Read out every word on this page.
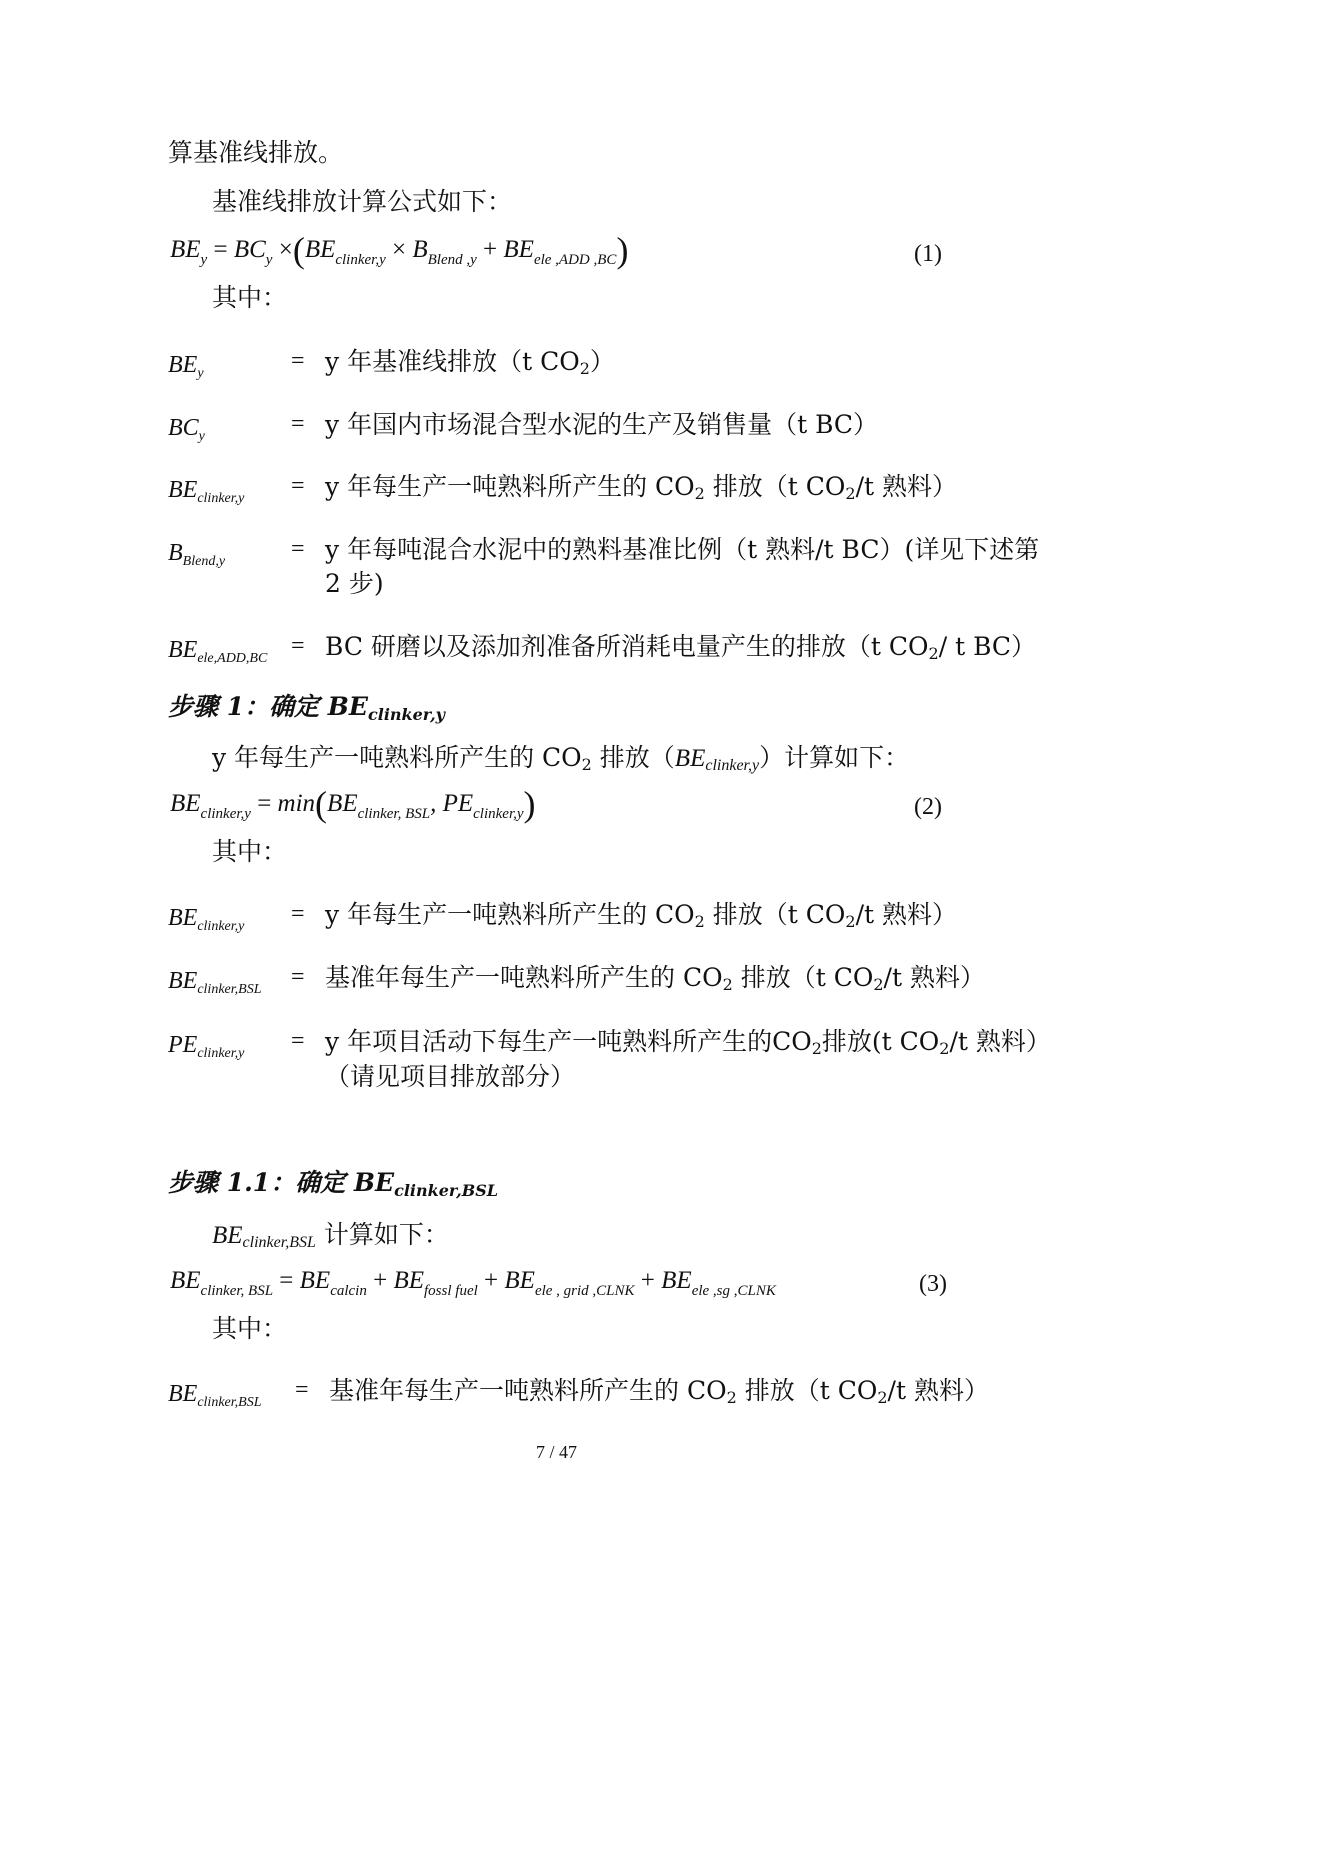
算基准线排放。
基准线排放计算公式如下：
$BE_y = BC_y \times(BE_{clinker,y} \times B_{Blend ,y} + BE_{ele ,ADD ,BC})$	(1)
其中：
$BE_y$	= y 年基准线排放（t $CO_2$）
$BC_y$	= y 年国内市场混合型水泥的生产及销售量（t BC）
$BE_{clinker,y} = y$ 年每生产一吨熟料所产生的 $CO_2$ 排放（t $CO_2/t$ 熟料）
$B_{Blend,y}$	= y 年每吨混合水泥中的熟料基准比例（t 熟料/t BC）(详见下述第
2 步)
$BE_{ele,ADD,BC}$ = BC 研磨以及添加剂准备所消耗电量产生的排放（t $CO_2/$ t BC）
步骤 1：确定 $BE_{clinker,y}$
y 年每生产一吨熟料所产生的 $CO_2$ 排放$(BE_{clinker,y})$计算如下：
$BE_{clinker,y} = \min(BE_{clinker, BSL}$, $PE_{clinker,y}$)	(2)
其中：
$BE_{clinker,y} = y$ 年每生产一吨熟料所产生的 $CO_2$ 排放（t $CO_2/t$ 熟料）
$BE_{clinker,BSL}$ = 基准年每生产一吨熟料所产生的 $CO_2$ 排放（t $CO_2/t$ 熟料）
$PE_{clinker,y} = y$ 年项目活动下每生产一吨熟料所产生的$CO_2$排放(t $CO_2/t$ 熟料）
（请见项目排放部分）
步骤 1.1：确定 $BE_{clinker,BSL}$
$BE_{clinker,BSL}$ 计算如下：
$BE_{clinker, BSL} = BE_{calcin} + BE_{fossl fuel} + BE_{ele , grid ,CLNK} + BE_{ele ,sg ,CLNK}$	(3)
其中：
$BE_{clinker,BSL}$ = 基准年每生产一吨熟料所产生的 $CO_2$ 排放（t $CO_2/t$ 熟料）
7 / 47
